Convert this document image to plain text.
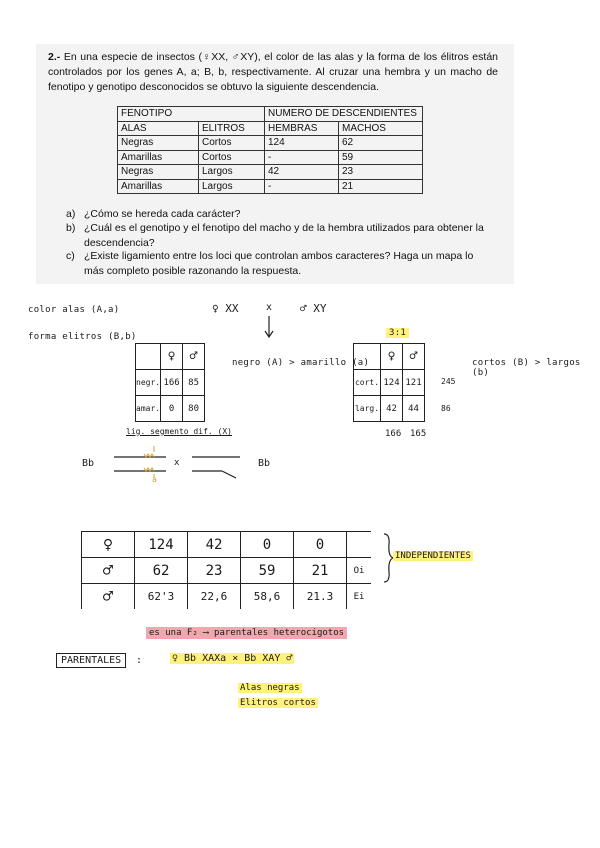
2.- En una especie de insectos (♀XX, ♂XY), el color de las alas y la forma de los élitros están controlados por los genes A, a; B, b, respectivamente. Al cruzar una hembra y un macho de fenotipo y genotipo desconocidos se obtuvo la siguiente descendencia.
FENOTIPO		NUMERO DE DESCENDIENTES	
ALAS	ELITROS	HEMBRAS	MACHOS
Negras	Cortos	124	62
Amarillas	Cortos	-	59
Negras	Largos	42	23
Amarillas	Largos	-	21
a) ¿Cómo se hereda cada carácter?
b) ¿Cuál es el genotipo y el fenotipo del macho y de la hembra utilizados para obtener la descendencia?
c) ¿Existe ligamiento entre los loci que controlan ambos caracteres? Haga un mapa lo más completo posible razonando la respuesta.
color alas (A,a)
forma elitros (B,b)
♀ XX	x	♂ XY
negro (A) > amarillo (a)	cortos (B) > largos (b)
3:1
	♀	♂
negr.	166	85
amar.	0	80
lig. segmento dif. (X)
	♀	♂
cort.	124	121
larg.	42	44
245
86
166 165
Bb
a
x	Bb
♀	124	42	0	0	
♂	62	23	59	21	Oi
♂	62'3	22,6	58,6	21.3	Ei
INDEPENDIENTES
es una F₂ ⟶ parentales heterocigotos
PARENTALES	:	♀ Bb XAXa × Bb XAY ♂
Alas negras
Elitros cortos
